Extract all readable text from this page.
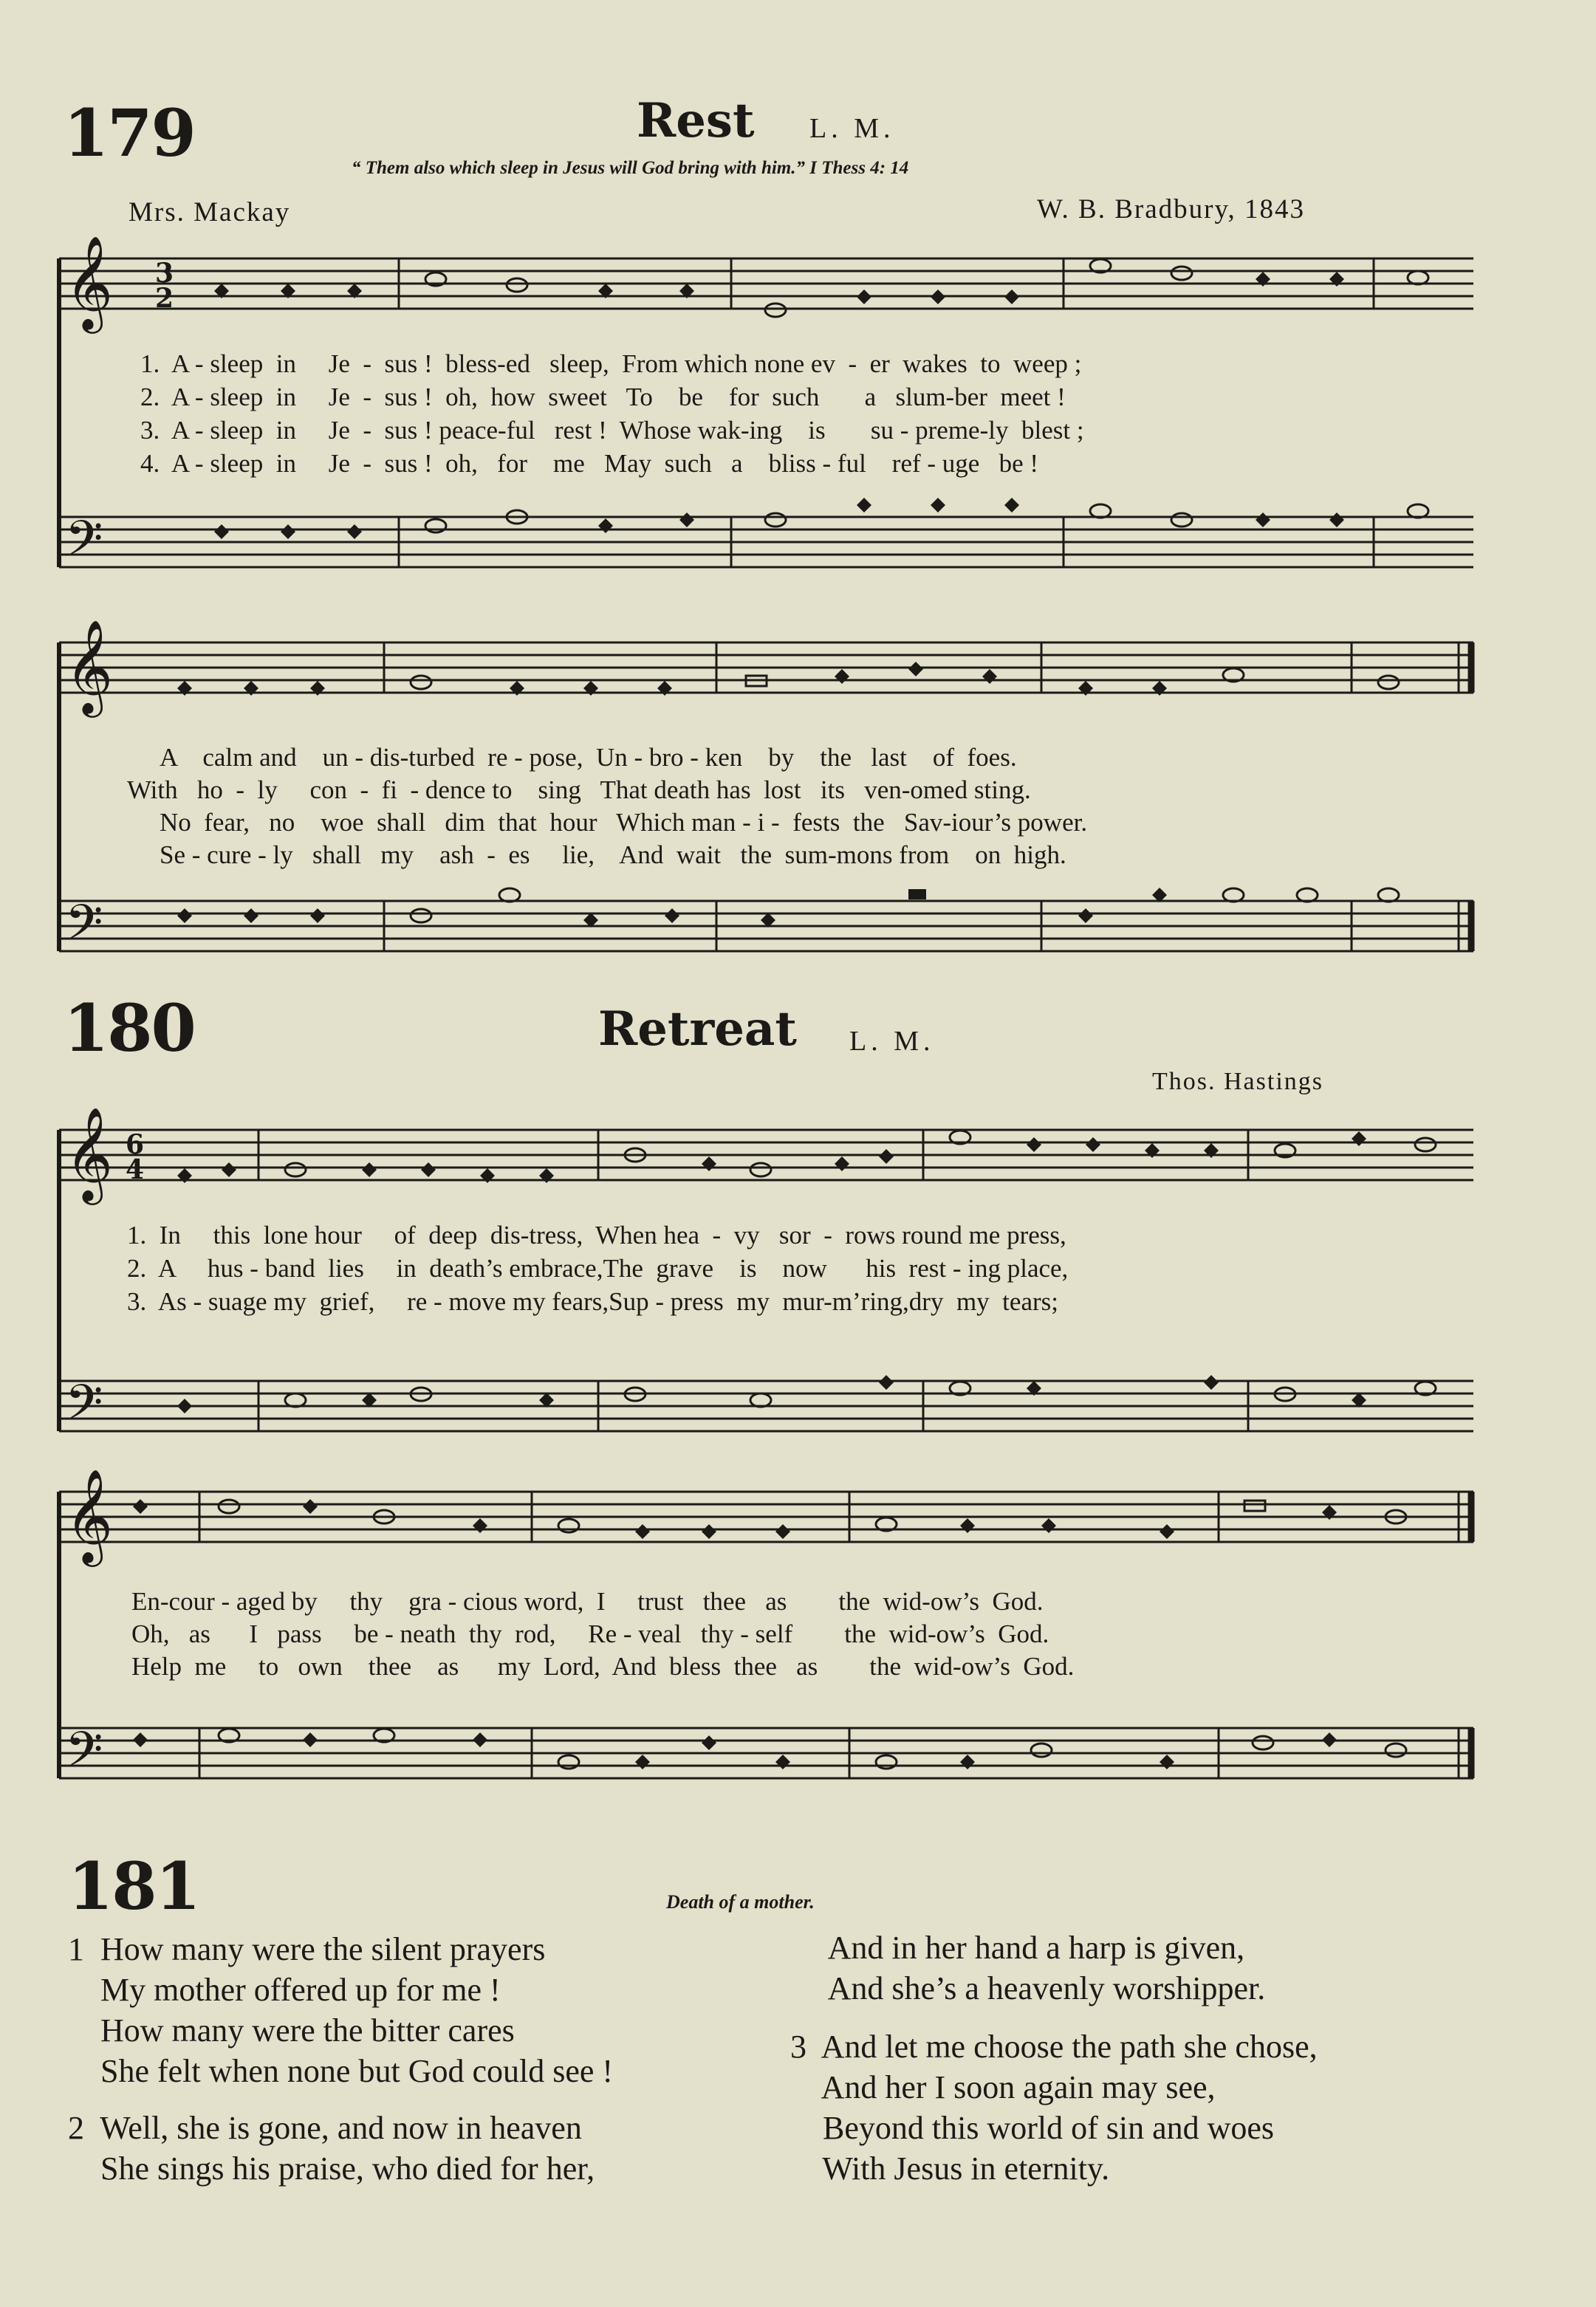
179	Rest L. M.
“ Them also which sleep in Jesus will God bring with him.” I Thess 4: 14
Mrs. Mackay	W. B. Bradbury, 1843
𝄞
𝄢
3
2
1.  A - sleep  in     Je  -  sus !  bless-ed   sleep,  From which none ev  -  er  wakes  to  weep ;
2.  A - sleep  in     Je  -  sus !  oh,  how  sweet   To    be    for  such       a   slum-ber  meet !
3.  A - sleep  in     Je  -  sus ! peace-ful   rest !  Whose wak-ing    is       su - preme-ly  blest ;
4.  A - sleep  in     Je  -  sus !  oh,   for    me   May  such   a    bliss - ful    ref - uge   be !
𝄞
𝄢
A    calm and    un - dis-turbed  re - pose,  Un - bro - ken    by    the   last    of  foes.
With   ho  -  ly     con  -  fi  - dence to    sing   That death has  lost   its   ven-omed sting.
No  fear,   no    woe  shall   dim  that  hour   Which man - i -  fests  the   Sav-iour’s power.
Se - cure - ly   shall   my    ash  -  es     lie,    And  wait   the  sum-mons from    on  high.
180	Retreat L. M.
Thos. Hastings
𝄞
𝄢
6
4
1.  In     this  lone hour     of  deep  dis-tress,  When hea  -  vy   sor  -  rows round me press,
2.  A     hus - band  lies     in  death’s embrace,The  grave    is    now      his  rest - ing place,
3.  As - suage my  grief,     re - move my fears,Sup - press  my  mur-m’ring,dry  my  tears;
𝄞
𝄢
En-cour - aged by     thy    gra - cious word,  I     trust   thee   as        the  wid-ow’s  God.
Oh,   as      I   pass     be - neath  thy  rod,     Re - veal   thy - self        the  wid-ow’s  God.
Help  me     to   own    thee    as      my  Lord,  And  bless  thee   as        the  wid-ow’s  God.
181	Death of a mother.
1  How many were the silent prayers
My mother offered up for me !
How many were the bitter cares
She felt when none but God could see !
2  Well, she is gone, and now in heaven
She sings his praise, who died for her,
And in her hand a harp is given,
And she’s a heavenly worshipper.
3  And let me choose the path she chose,
And her I soon again may see,
Beyond this world of sin and woes
With Jesus in eternity.
